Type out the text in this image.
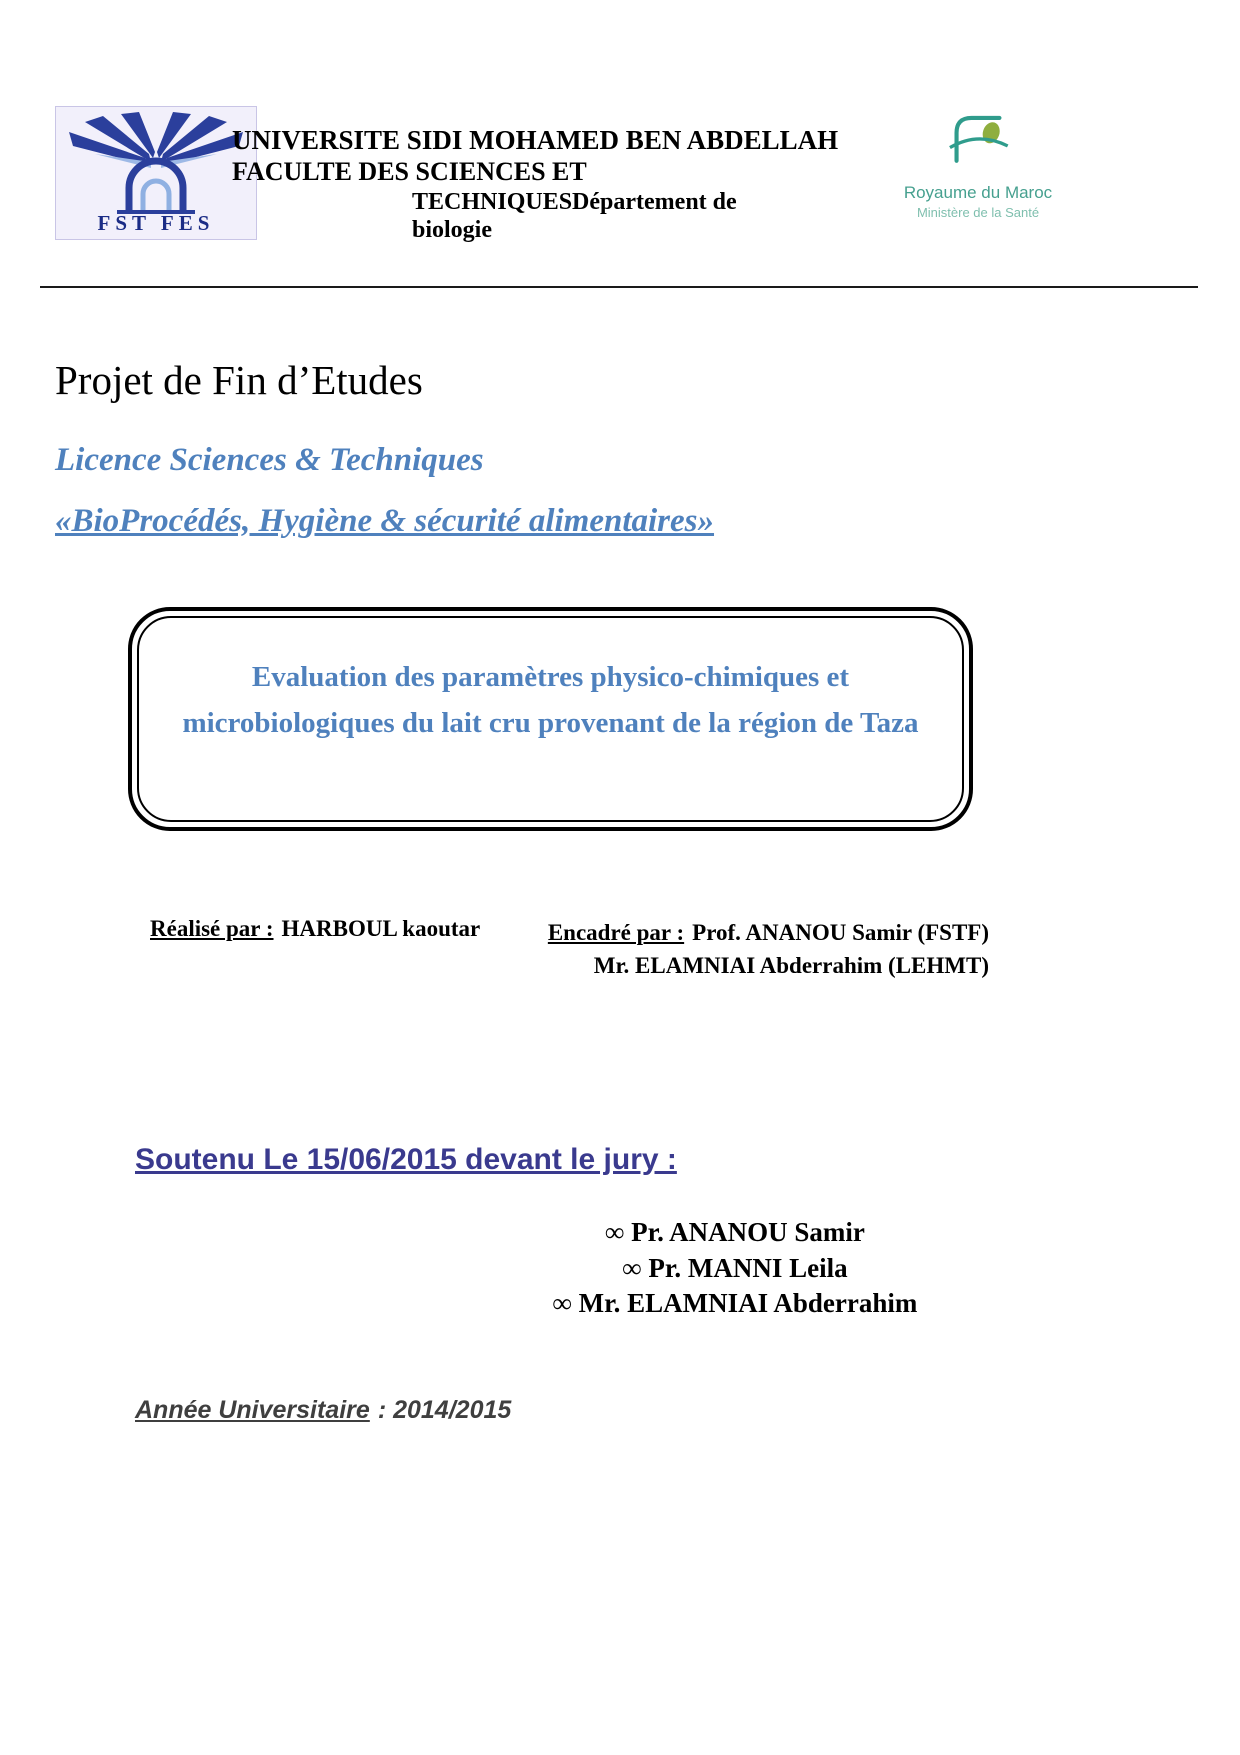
FST FES
UNIVERSITE SIDI MOHAMED BEN ABDELLAH
FACULTE DES SCIENCES ET
TECHNIQUESDépartement de
biologie
Royaume du Maroc
Ministère de la Santé
Projet de Fin d’Etudes
Licence Sciences & Techniques
«BioProcédés, Hygiène & sécurité alimentaires»
Evaluation des paramètres physico-chimiques et microbiologiques du lait cru provenant de la région de Taza
Réalisé par : HARBOUL kaoutar	Encadré par : Prof. ANANOU Samir (FSTF)
Mr. ELAMNIAI Abderrahim (LEHMT)
Soutenu Le 15/06/2015 devant le jury :
∞ Pr. ANANOU Samir
∞ Pr. MANNI Leila
∞ Mr. ELAMNIAI Abderrahim
Année Universitaire : 2014/2015
